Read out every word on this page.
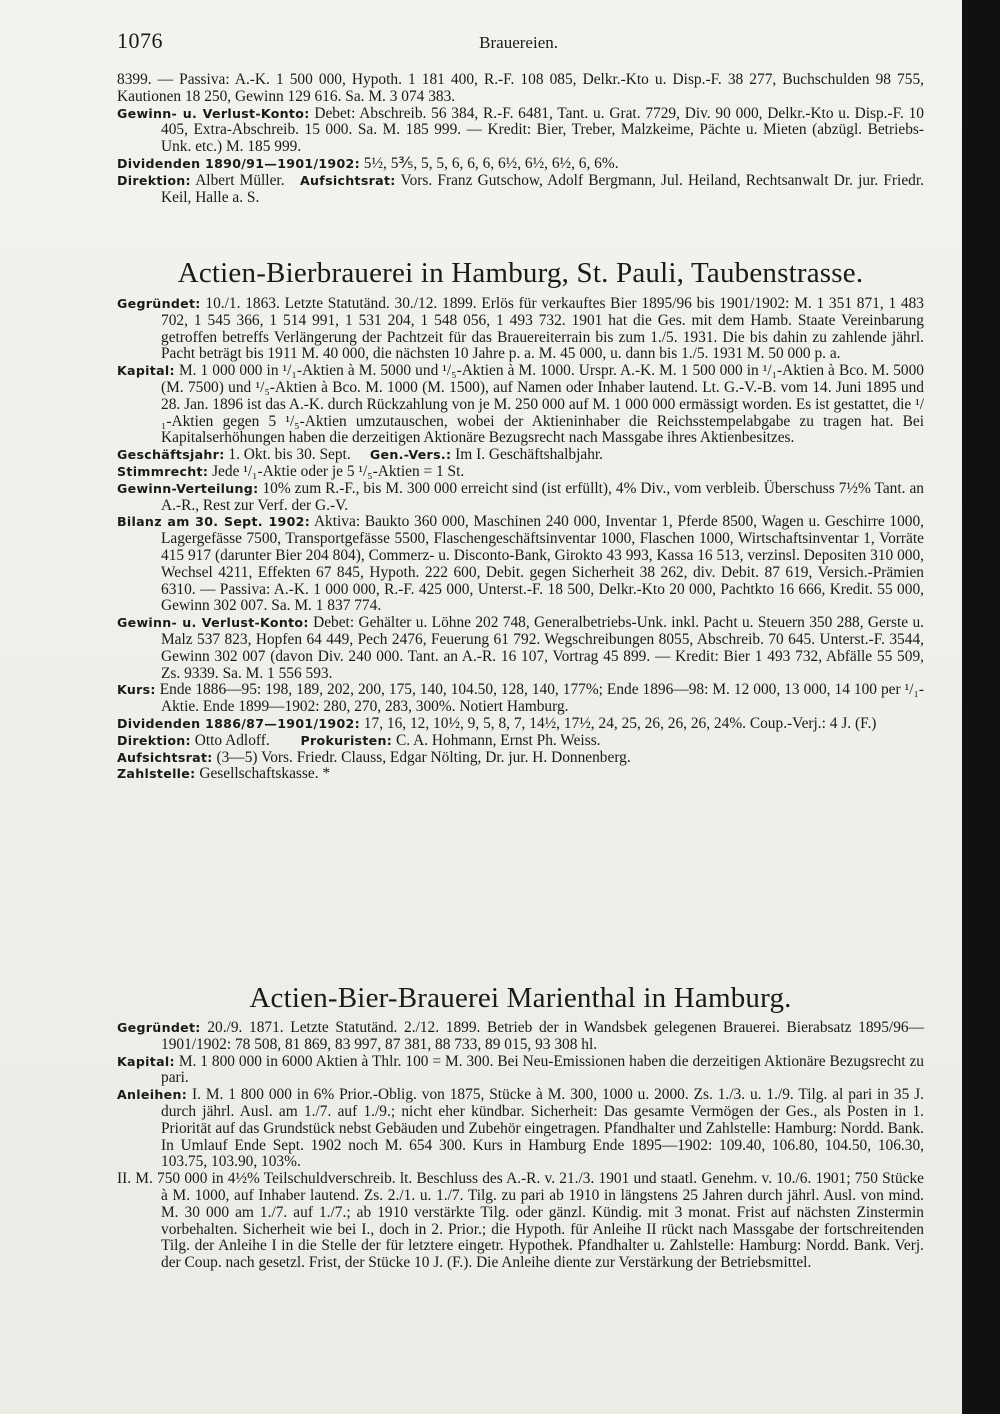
1076	Brauereien.

8399. — Passiva: A.-K. 1 500 000, Hypoth. 1 181 400, R.-F. 108 085, Delkr.-Kto u. Disp.-F. 38 277, Buchschulden 98 755, Kautionen 18 250, Gewinn 129 616. Sa. M. 3 074 383.

Gewinn- u. Verlust-Konto: Debet: Abschreib. 56 384, R.-F. 6481, Tant. u. Grat. 7729, Div. 90 000, Delkr.-Kto u. Disp.-F. 10 405, Extra-Abschreib. 15 000. Sa. M. 185 999. — Kredit: Bier, Treber, Malzkeime, Pächte u. Mieten (abzügl. Betriebs-Unk. etc.) M. 185 999.

Dividenden 1890/91—1901/1902: 5½, 5⅗, 5, 5, 6, 6, 6, 6½, 6½, 6½, 6, 6%.

Direktion: Albert Müller. Aufsichtsrat: Vors. Franz Gutschow, Adolf Bergmann, Jul. Heiland, Rechtsanwalt Dr. jur. Friedr. Keil, Halle a. S.

Actien-Bierbrauerei in Hamburg, St. Pauli, Taubenstrasse.

Gegründet: 10./1. 1863. Letzte Statutänd. 30./12. 1899. Erlös für verkauftes Bier 1895/96 bis 1901/1902: M. 1 351 871, 1 483 702, 1 545 366, 1 514 991, 1 531 204, 1 548 056, 1 493 732. 1901 hat die Ges. mit dem Hamb. Staate Vereinbarung getroffen betreffs Verlängerung der Pachtzeit für das Brauereiterrain bis zum 1./5. 1931. Die bis dahin zu zahlende jährl. Pacht beträgt bis 1911 M. 40 000, die nächsten 10 Jahre p. a. M. 45 000, u. dann bis 1./5. 1931 M. 50 000 p. a.

Kapital: M. 1 000 000 in ¹/₁-Aktien à M. 5000 und ¹/₅-Aktien à M. 1000. Urspr. A.-K. M. 1 500 000 in ¹/₁-Aktien à Bco. M. 5000 (M. 7500) und ¹/₅-Aktien à Bco. M. 1000 (M. 1500), auf Namen oder Inhaber lautend. Lt. G.-V.-B. vom 14. Juni 1895 und 28. Jan. 1896 ist das A.-K. durch Rückzahlung von je M. 250 000 auf M. 1 000 000 ermässigt worden. Es ist gestattet, die ¹/₁-Aktien gegen 5 ¹/₅-Aktien umzutauschen, wobei der Aktieninhaber die Reichsstempelabgabe zu tragen hat. Bei Kapitalserhöhungen haben die derzeitigen Aktionäre Bezugsrecht nach Massgabe ihres Aktienbesitzes.

Geschäftsjahr: 1. Okt. bis 30. Sept. Gen.-Vers.: Im I. Geschäftshalbjahr.

Stimmrecht: Jede ¹/₁-Aktie oder je 5 ¹/₅-Aktien = 1 St.

Gewinn-Verteilung: 10% zum R.-F., bis M. 300 000 erreicht sind (ist erfüllt), 4% Div., vom verbleib. Überschuss 7½% Tant. an A.-R., Rest zur Verf. der G.-V.

Bilanz am 30. Sept. 1902: Aktiva: Baukto 360 000, Maschinen 240 000, Inventar 1, Pferde 8500, Wagen u. Geschirre 1000, Lagergefässe 7500, Transportgefässe 5500, Flaschengeschäftsinventar 1000, Flaschen 1000, Wirtschaftsinventar 1, Vorräte 415 917 (darunter Bier 204 804), Commerz- u. Disconto-Bank, Girokto 43 993, Kassa 16 513, verzinsl. Depositen 310 000, Wechsel 4211, Effekten 67 845, Hypoth. 222 600, Debit. gegen Sicherheit 38 262, div. Debit. 87 619, Versich.-Prämien 6310. — Passiva: A.-K. 1 000 000, R.-F. 425 000, Unterst.-F. 18 500, Delkr.-Kto 20 000, Pachtkto 16 666, Kredit. 55 000, Gewinn 302 007. Sa. M. 1 837 774.

Gewinn- u. Verlust-Konto: Debet: Gehälter u. Löhne 202 748, Generalbetriebs-Unk. inkl. Pacht u. Steuern 350 288, Gerste u. Malz 537 823, Hopfen 64 449, Pech 2476, Feuerung 61 792. Wegschreibungen 8055, Abschreib. 70 645. Unterst.-F. 3544, Gewinn 302 007 (davon Div. 240 000. Tant. an A.-R. 16 107, Vortrag 45 899. — Kredit: Bier 1 493 732, Abfälle 55 509, Zs. 9339. Sa. M. 1 556 593.

Kurs: Ende 1886—95: 198, 189, 202, 200, 175, 140, 104.50, 128, 140, 177%; Ende 1896—98: M. 12 000, 13 000, 14 100 per ¹/₁-Aktie. Ende 1899—1902: 280, 270, 283, 300%. Notiert Hamburg.

Dividenden 1886/87—1901/1902: 17, 16, 12, 10½, 9, 5, 8, 7, 14½, 17½, 24, 25, 26, 26, 26, 24%. Coup.-Verj.: 4 J. (F.)

Direktion: Otto Adloff. Prokuristen: C. A. Hohmann, Ernst Ph. Weiss.

Aufsichtsrat: (3—5) Vors. Friedr. Clauss, Edgar Nölting, Dr. jur. H. Donnenberg.

Zahlstelle: Gesellschaftskasse. *

Actien-Bier-Brauerei Marienthal in Hamburg.

Gegründet: 20./9. 1871. Letzte Statutänd. 2./12. 1899. Betrieb der in Wandsbek gelegenen Brauerei. Bierabsatz 1895/96—1901/1902: 78 508, 81 869, 83 997, 87 381, 88 733, 89 015, 93 308 hl.

Kapital: M. 1 800 000 in 6000 Aktien à Thlr. 100 = M. 300. Bei Neu-Emissionen haben die derzeitigen Aktionäre Bezugsrecht zu pari.

Anleihen: I. M. 1 800 000 in 6% Prior.-Oblig. von 1875, Stücke à M. 300, 1000 u. 2000. Zs. 1./3. u. 1./9. Tilg. al pari in 35 J. durch jährl. Ausl. am 1./7. auf 1./9.; nicht eher kündbar. Sicherheit: Das gesamte Vermögen der Ges., als Posten in 1. Priorität auf das Grundstück nebst Gebäuden und Zubehör eingetragen. Pfandhalter und Zahlstelle: Hamburg: Nordd. Bank. In Umlauf Ende Sept. 1902 noch M. 654 300. Kurs in Hamburg Ende 1895—1902: 109.40, 106.80, 104.50, 106.30, 103.75, 103.90, 103%.

II. M. 750 000 in 4½% Teilschuldverschreib. lt. Beschluss des A.-R. v. 21./3. 1901 und staatl. Genehm. v. 10./6. 1901; 750 Stücke à M. 1000, auf Inhaber lautend. Zs. 2./1. u. 1./7. Tilg. zu pari ab 1910 in längstens 25 Jahren durch jährl. Ausl. von mind. M. 30 000 am 1./7. auf 1./7.; ab 1910 verstärkte Tilg. oder gänzl. Kündig. mit 3 monat. Frist auf nächsten Zinstermin vorbehalten. Sicherheit wie bei I., doch in 2. Prior.; die Hypoth. für Anleihe II rückt nach Massgabe der fortschreitenden Tilg. der Anleihe I in die Stelle der für letztere eingetr. Hypothek. Pfandhalter u. Zahlstelle: Hamburg: Nordd. Bank. Verj. der Coup. nach gesetzl. Frist, der Stücke 10 J. (F.). Die Anleihe diente zur Verstärkung der Betriebsmittel.
